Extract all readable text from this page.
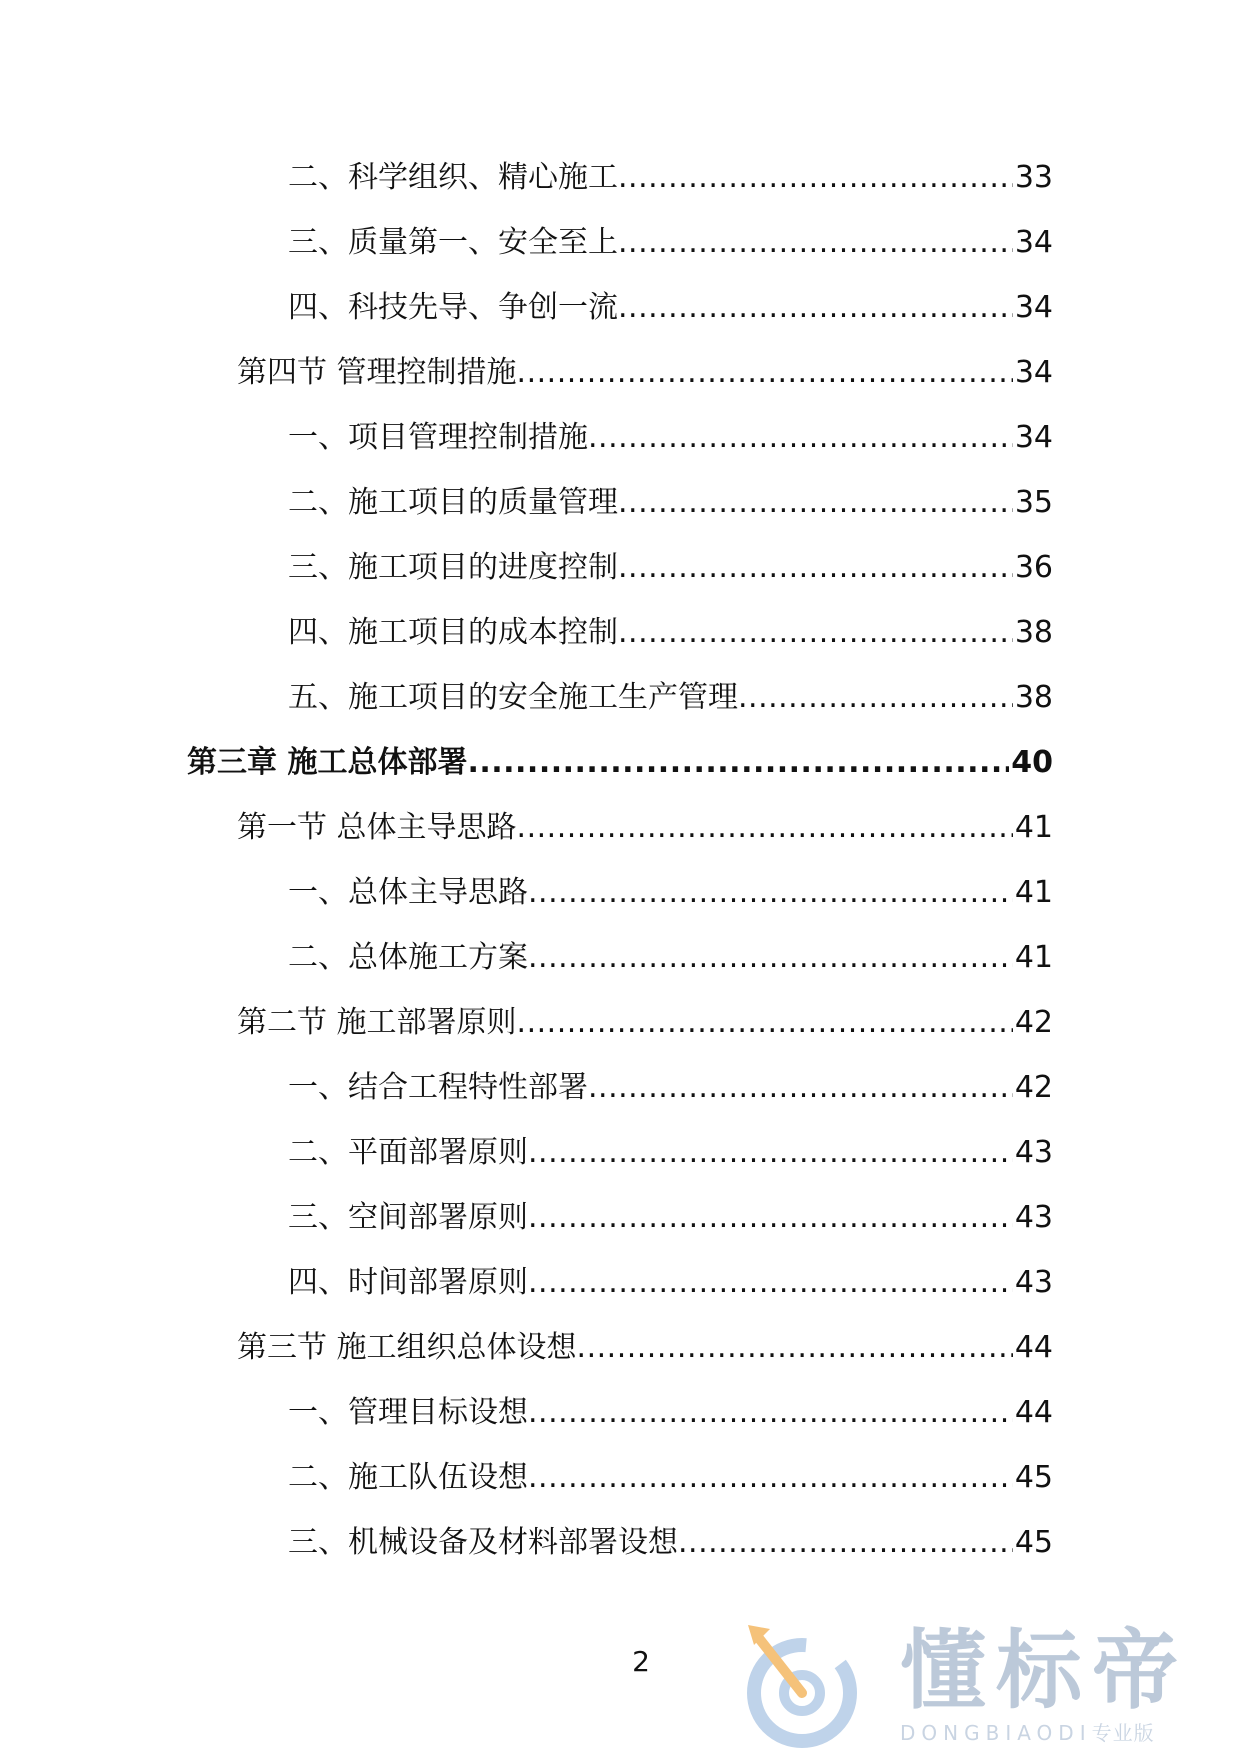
二、科学组织、精心施工 .....	33
三、质量第一、安全至上 .....	34
四、科技先导、争创一流 .....	34
第四节 管理控制措施 .....	34
一、项目管理控制措施 .....	34
二、施工项目的质量管理 .....	35
三、施工项目的进度控制 .....	36
四、施工项目的成本控制 .....	38
五、施工项目的安全施工生产管理 .....	38
第三章 施工总体部署 .....	40
第一节 总体主导思路 .....	41
一、总体主导思路 .....	41
二、总体施工方案 .....	41
第二节 施工部署原则 .....	42
一、结合工程特性部署 .....	42
二、平面部署原则 .....	43
三、空间部署原则 .....	43
四、时间部署原则 .....	43
第三节 施工组织总体设想 .....	44
一、管理目标设想 .....	44
二、施工队伍设想 .....	45
三、机械设备及材料部署设想 .....	45
2	懂标帝
DONGBIAODI专业版
